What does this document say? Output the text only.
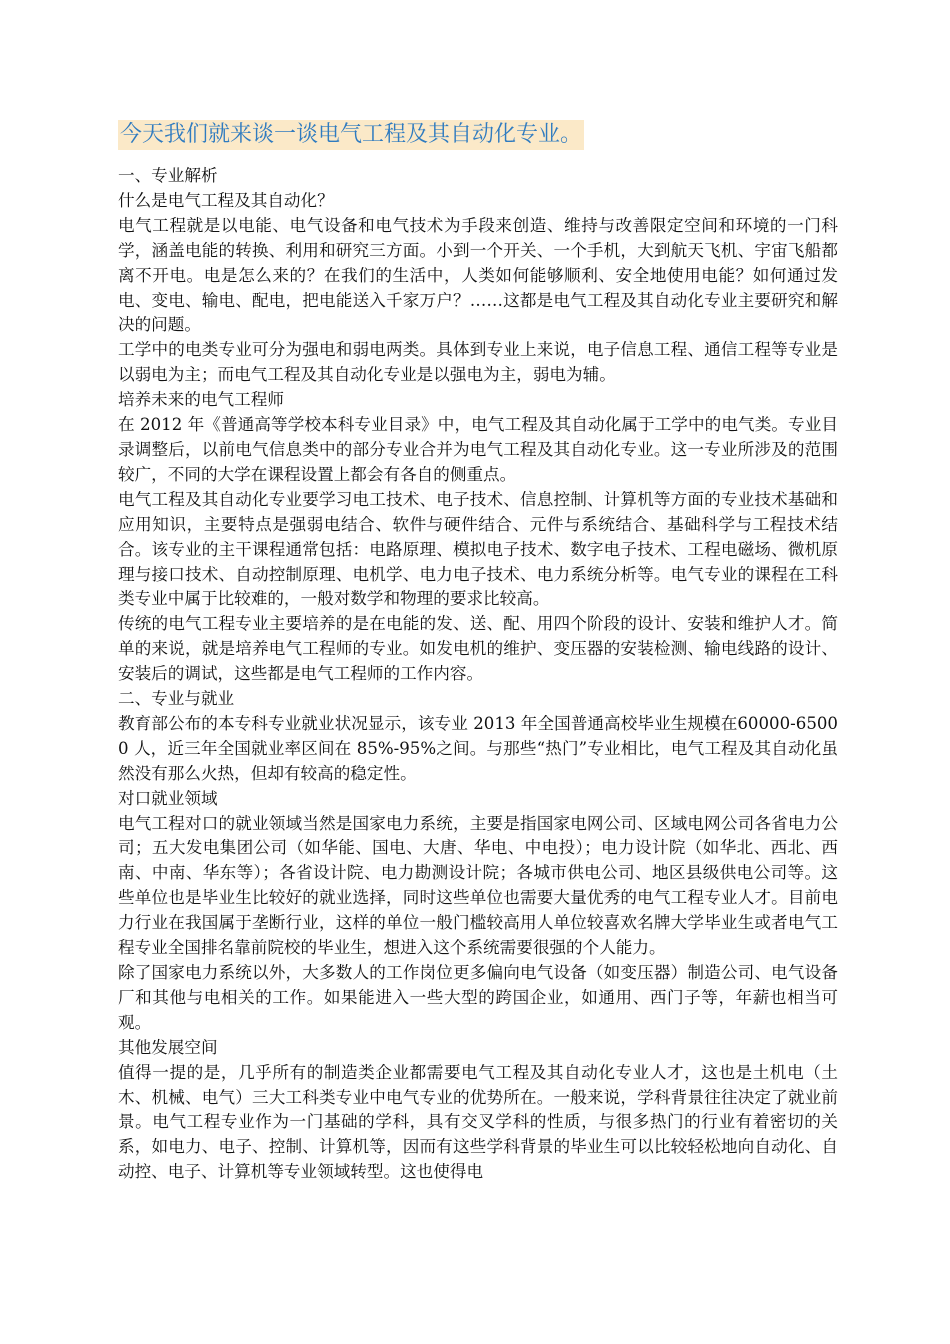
今天我们就来谈一谈电气工程及其自动化专业。

一、专业解析

什么是电气工程及其自动化？

电气工程就是以电能、电气设备和电气技术为手段来创造、维持与改善限定空间和环境的一门科学，涵盖电能的转换、利用和研究三方面。小到一个开关、一个手机，大到航天飞机、宇宙飞船都离不开电。电是怎么来的？在我们的生活中，人类如何能够顺利、安全地使用电能？如何通过发电、变电、输电、配电，把电能送入千家万户？……这都是电气工程及其自动化专业主要研究和解决的问题。

工学中的电类专业可分为强电和弱电两类。具体到专业上来说，电子信息工程、通信工程等专业是以弱电为主；而电气工程及其自动化专业是以强电为主，弱电为辅。

培养未来的电气工程师

在 2012 年《普通高等学校本科专业目录》中，电气工程及其自动化属于工学中的电气类。专业目录调整后，以前电气信息类中的部分专业合并为电气工程及其自动化专业。这一专业所涉及的范围较广，不同的大学在课程设置上都会有各自的侧重点。

电气工程及其自动化专业要学习电工技术、电子技术、信息控制、计算机等方面的专业技术基础和应用知识，主要特点是强弱电结合、软件与硬件结合、元件与系统结合、基础科学与工程技术结合。该专业的主干课程通常包括：电路原理、模拟电子技术、数字电子技术、工程电磁场、微机原理与接口技术、自动控制原理、电机学、电力电子技术、电力系统分析等。电气专业的课程在工科类专业中属于比较难的，一般对数学和物理的要求比较高。

传统的电气工程专业主要培养的是在电能的发、送、配、用四个阶段的设计、安装和维护人才。简单的来说，就是培养电气工程师的专业。如发电机的维护、变压器的安装检测、输电线路的设计、安装后的调试，这些都是电气工程师的工作内容。

二、专业与就业

教育部公布的本专科专业就业状况显示，该专业 2013 年全国普通高校毕业生规模在60000-65000 人，近三年全国就业率区间在 85%-95%之间。与那些“热门”专业相比，电气工程及其自动化虽然没有那么火热，但却有较高的稳定性。

对口就业领域

电气工程对口的就业领域当然是国家电力系统，主要是指国家电网公司、区域电网公司各省电力公司；五大发电集团公司（如华能、国电、大唐、华电、中电投）；电力设计院（如华北、西北、西南、中南、华东等）；各省设计院、电力勘测设计院；各城市供电公司、地区县级供电公司等。这些单位也是毕业生比较好的就业选择，同时这些单位也需要大量优秀的电气工程专业人才。目前电力行业在我国属于垄断行业，这样的单位一般门槛较高用人单位较喜欢名牌大学毕业生或者电气工程专业全国排名靠前院校的毕业生，想进入这个系统需要很强的个人能力。

除了国家电力系统以外，大多数人的工作岗位更多偏向电气设备（如变压器）制造公司、电气设备厂和其他与电相关的工作。如果能进入一些大型的跨国企业，如通用、西门子等，年薪也相当可观。

其他发展空间

值得一提的是，几乎所有的制造类企业都需要电气工程及其自动化专业人才，这也是土机电（土木、机械、电气）三大工科类专业中电气专业的优势所在。一般来说，学科背景往往决定了就业前景。电气工程专业作为一门基础的学科，具有交叉学科的性质，与很多热门的行业有着密切的关系，如电力、电子、控制、计算机等，因而有这些学科背景的毕业生可以比较轻松地向自动化、自动控、电子、计算机等专业领域转型。这也使得电
